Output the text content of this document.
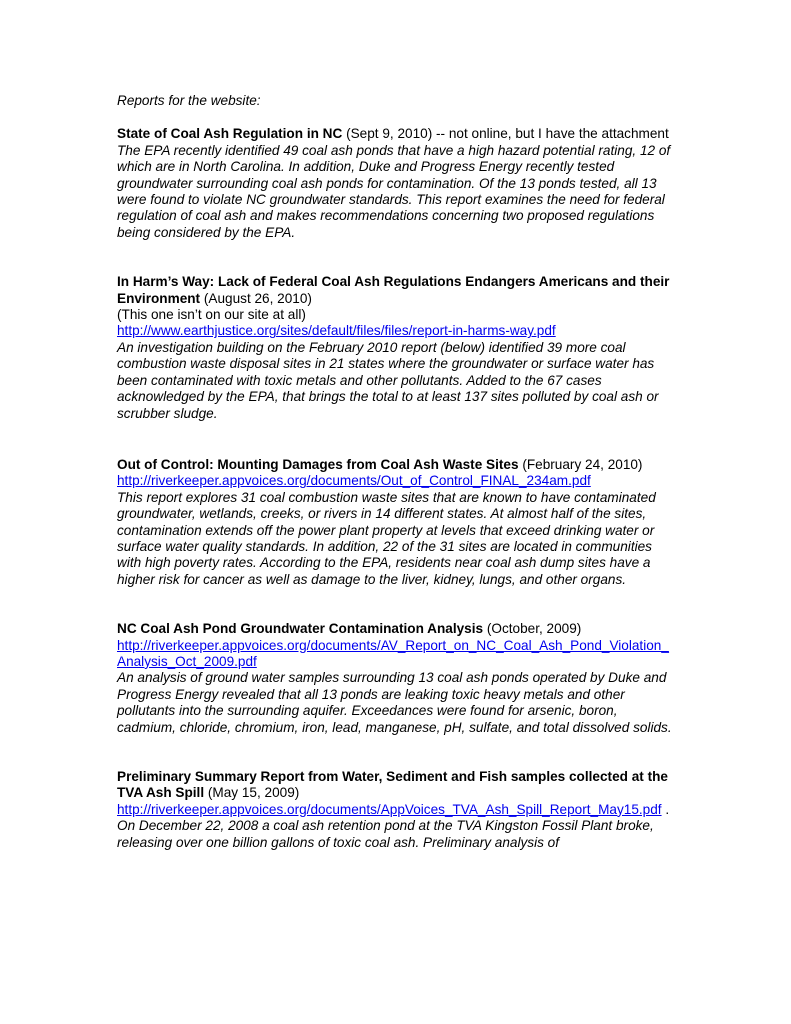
Reports for the website:

State of Coal Ash Regulation in NC (Sept 9, 2010) -- not online, but I have the attachment

The EPA recently identified 49 coal ash ponds that have a high hazard potential rating, 12 of which are in North Carolina. In addition, Duke and Progress Energy recently tested groundwater surrounding coal ash ponds for contamination. Of the 13 ponds tested, all 13 were found to violate NC groundwater standards. This report examines the need for federal regulation of coal ash and makes recommendations concerning two proposed regulations being considered by the EPA.

In Harm’s Way: Lack of Federal Coal Ash Regulations Endangers Americans and their Environment (August 26, 2010)

(This one isn’t on our site at all)

http://www.earthjustice.org/sites/default/files/files/report-in-harms-way.pdf

An investigation building on the February 2010 report (below) identified 39 more coal combustion waste disposal sites in 21 states where the groundwater or surface water has been contaminated with toxic metals and other pollutants. Added to the 67 cases acknowledged by the EPA, that brings the total to at least 137 sites polluted by coal ash or scrubber sludge.

Out of Control: Mounting Damages from Coal Ash Waste Sites (February 24, 2010)

http://riverkeeper.appvoices.org/documents/Out_of_Control_FINAL_234am.pdf

This report explores 31 coal combustion waste sites that are known to have contaminated groundwater, wetlands, creeks, or rivers in 14 different states. At almost half of the sites, contamination extends off the power plant property at levels that exceed drinking water or surface water quality standards. In addition, 22 of the 31 sites are located in communities with high poverty rates. According to the EPA, residents near coal ash dump sites have a higher risk for cancer as well as damage to the liver, kidney, lungs, and other organs.

NC Coal Ash Pond Groundwater Contamination Analysis (October, 2009)

http://riverkeeper.appvoices.org/documents/AV_Report_on_NC_Coal_Ash_Pond_Violation_Analysis_Oct_2009.pdf

An analysis of ground water samples surrounding 13 coal ash ponds operated by Duke and Progress Energy revealed that all 13 ponds are leaking toxic heavy metals and other pollutants into the surrounding aquifer. Exceedances were found for arsenic, boron, cadmium, chloride, chromium, iron, lead, manganese, pH, sulfate, and total dissolved solids.

Preliminary Summary Report from Water, Sediment and Fish samples collected at the TVA Ash Spill (May 15, 2009)

http://riverkeeper.appvoices.org/documents/AppVoices_TVA_Ash_Spill_Report_May15.pdf .

On December 22, 2008 a coal ash retention pond at the TVA Kingston Fossil Plant broke, releasing over one billion gallons of toxic coal ash. Preliminary analysis of
